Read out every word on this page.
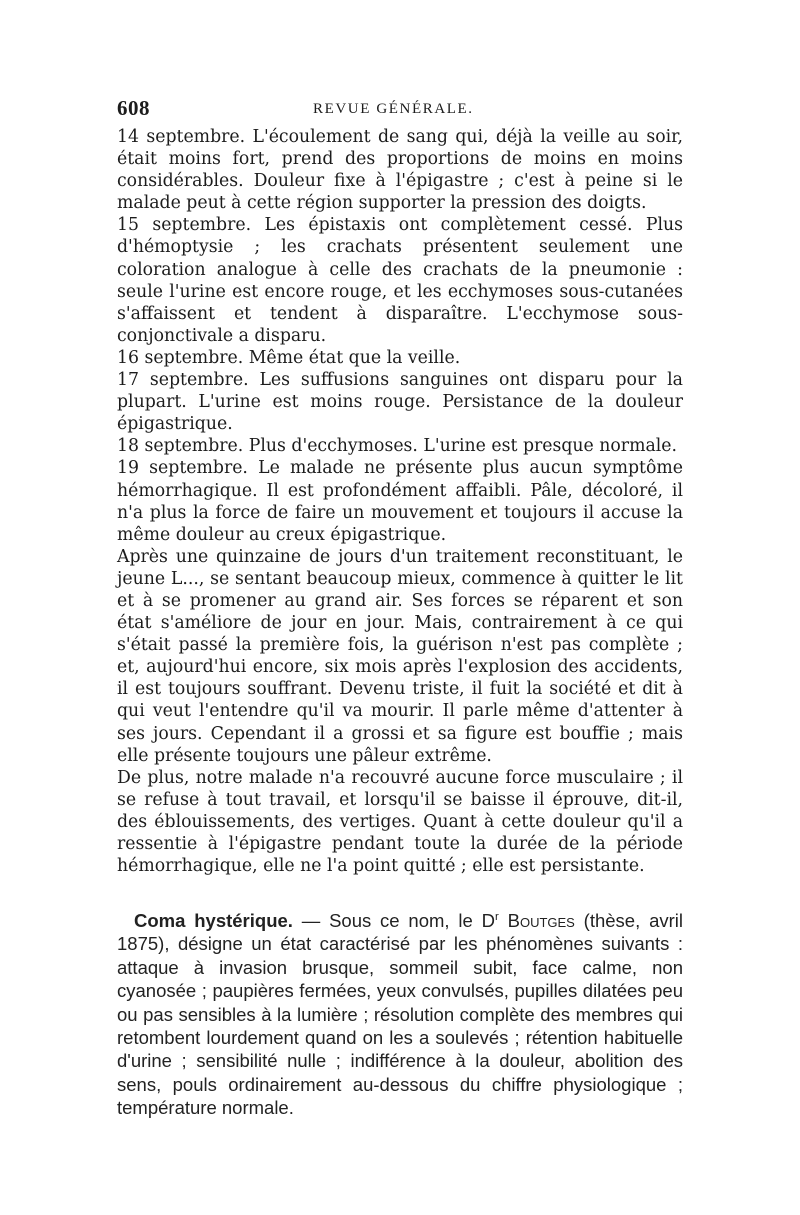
608	REVUE GÉNÉRALE.

14 septembre. L'écoulement de sang qui, déjà la veille au soir, était moins fort, prend des proportions de moins en moins considérables. Douleur fixe à l'épigastre ; c'est à peine si le malade peut à cette région supporter la pression des doigts.

15 septembre. Les épistaxis ont complètement cessé. Plus d'hémoptysie ; les crachats présentent seulement une coloration analogue à celle des crachats de la pneumonie : seule l'urine est encore rouge, et les ecchymoses sous-cutanées s'affaissent et tendent à disparaître. L'ecchymose sous-conjonctivale a disparu.

16 septembre. Même état que la veille.

17 septembre. Les suffusions sanguines ont disparu pour la plupart. L'urine est moins rouge. Persistance de la douleur épigastrique.

18 septembre. Plus d'ecchymoses. L'urine est presque normale.

19 septembre. Le malade ne présente plus aucun symptôme hémorrhagique. Il est profondément affaibli. Pâle, décoloré, il n'a plus la force de faire un mouvement et toujours il accuse la même douleur au creux épigastrique.

Après une quinzaine de jours d'un traitement reconstituant, le jeune L..., se sentant beaucoup mieux, commence à quitter le lit et à se promener au grand air. Ses forces se réparent et son état s'améliore de jour en jour. Mais, contrairement à ce qui s'était passé la première fois, la guérison n'est pas complète ; et, aujourd'hui encore, six mois après l'explosion des accidents, il est toujours souffrant. Devenu triste, il fuit la société et dit à qui veut l'entendre qu'il va mourir. Il parle même d'attenter à ses jours. Cependant il a grossi et sa figure est bouffie ; mais elle présente toujours une pâleur extrême.

De plus, notre malade n'a recouvré aucune force musculaire ; il se refuse à tout travail, et lorsqu'il se baisse il éprouve, dit-il, des éblouissements, des vertiges. Quant à cette douleur qu'il a ressentie à l'épigastre pendant toute la durée de la période hémorrhagique, elle ne l'a point quitté ; elle est persistante.

Coma hystérique. — Sous ce nom, le $D^r$ Boutges (thèse, avril 1875), désigne un état caractérisé par les phénomènes suivants : attaque à invasion brusque, sommeil subit, face calme, non cyanosée ; paupières fermées, yeux convulsés, pupilles dilatées peu ou pas sensibles à la lumière ; résolution complète des membres qui retombent lourdement quand on les a soulevés ; rétention habituelle d'urine ; sensibilité nulle ; indifférence à la douleur, abolition des sens, pouls ordinairement au-dessous du chiffre physiologique ; température normale.
